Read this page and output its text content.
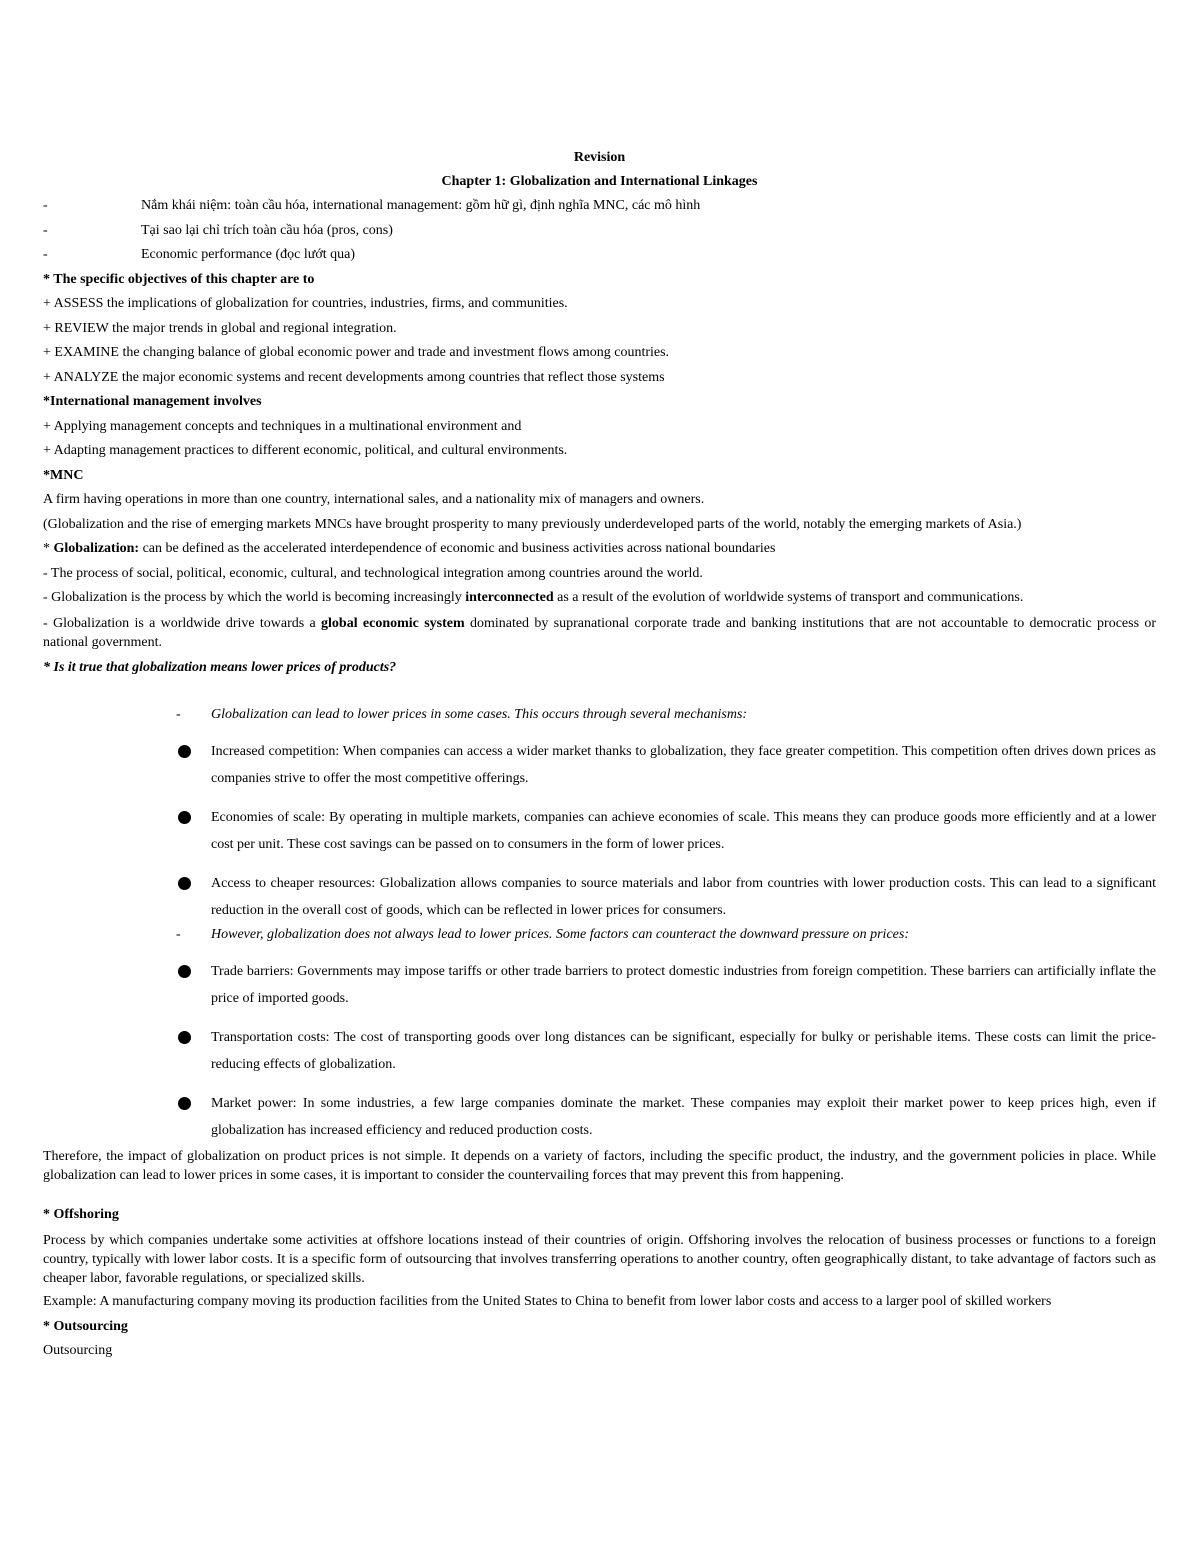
Revision
Chapter 1: Globalization and International Linkages
-	Nắm khái niệm: toàn cầu hóa, international management: gồm hữ gì, định nghĩa MNC, các mô hình
-	Tại sao lại chỉ trích toàn cầu hóa (pros, cons)
-	Economic performance (đọc lướt qua)
* The specific objectives of this chapter are to
+ ASSESS the implications of globalization for countries, industries, firms, and communities.
+ REVIEW the major trends in global and regional integration.
+ EXAMINE the changing balance of global economic power and trade and investment flows among countries.
+ ANALYZE the major economic systems and recent developments among countries that reflect those systems
*International management involves
+ Applying management concepts and techniques in a multinational environment and
+ Adapting management practices to different economic, political, and cultural environments.
*MNC
A firm having operations in more than one country, international sales, and a nationality mix of managers and owners.
(Globalization and the rise of emerging markets MNCs have brought prosperity to many previously underdeveloped parts of the world, notably the emerging markets of Asia.)
* Globalization: can be defined as the accelerated interdependence of economic and business activities across national boundaries
- The process of social, political, economic, cultural, and technological integration among countries around the world.
- Globalization is the process by which the world is becoming increasingly interconnected as a result of the evolution of worldwide systems of transport and communications.
- Globalization is a worldwide drive towards a global economic system dominated by supranational corporate trade and banking institutions that are not accountable to democratic process or national government.
* Is it true that globalization means lower prices of products?
-	Globalization can lead to lower prices in some cases. This occurs through several mechanisms:
Increased competition: When companies can access a wider market thanks to globalization, they face greater competition. This competition often drives down prices as companies strive to offer the most competitive offerings.
Economies of scale: By operating in multiple markets, companies can achieve economies of scale. This means they can produce goods more efficiently and at a lower cost per unit. These cost savings can be passed on to consumers in the form of lower prices.
Access to cheaper resources: Globalization allows companies to source materials and labor from countries with lower production costs. This can lead to a significant reduction in the overall cost of goods, which can be reflected in lower prices for consumers.
-	However, globalization does not always lead to lower prices. Some factors can counteract the downward pressure on prices:
Trade barriers: Governments may impose tariffs or other trade barriers to protect domestic industries from foreign competition. These barriers can artificially inflate the price of imported goods.
Transportation costs: The cost of transporting goods over long distances can be significant, especially for bulky or perishable items. These costs can limit the price-reducing effects of globalization.
Market power: In some industries, a few large companies dominate the market. These companies may exploit their market power to keep prices high, even if globalization has increased efficiency and reduced production costs.
Therefore, the impact of globalization on product prices is not simple. It depends on a variety of factors, including the specific product, the industry, and the government policies in place. While globalization can lead to lower prices in some cases, it is important to consider the countervailing forces that may prevent this from happening.
* Offshoring
Process by which companies undertake some activities at offshore locations instead of their countries of origin. Offshoring involves the relocation of business processes or functions to a foreign country, typically with lower labor costs. It is a specific form of outsourcing that involves transferring operations to another country, often geographically distant, to take advantage of factors such as cheaper labor, favorable regulations, or specialized skills.
Example: A manufacturing company moving its production facilities from the United States to China to benefit from lower labor costs and access to a larger pool of skilled workers
* Outsourcing
Outsourcing
